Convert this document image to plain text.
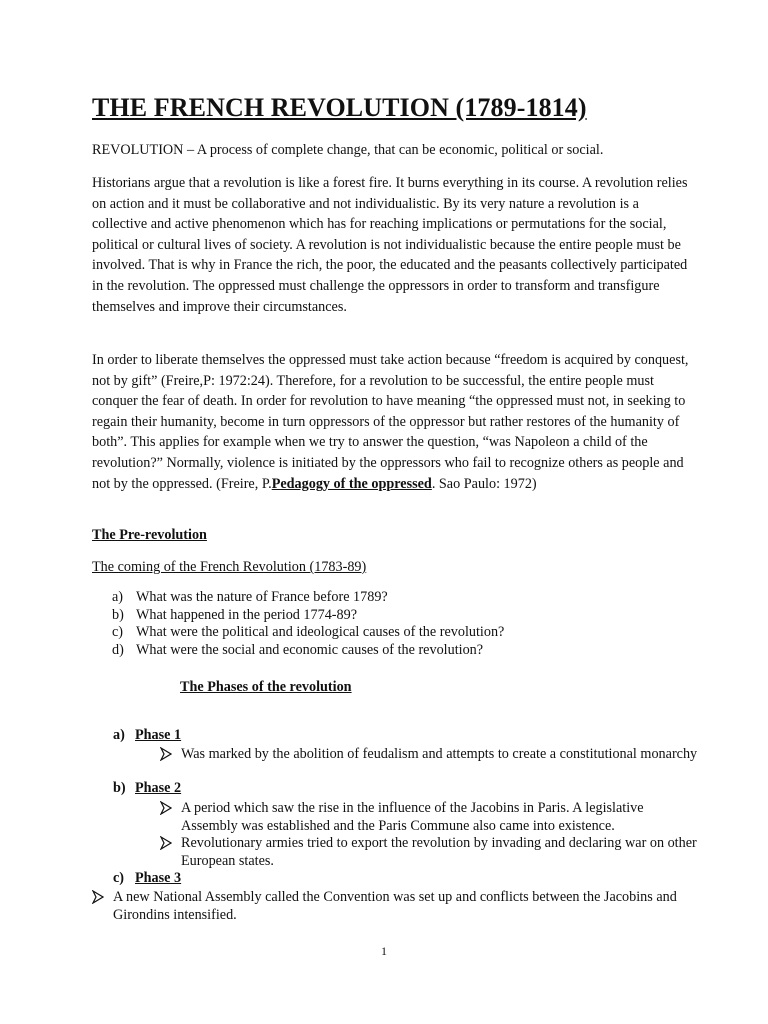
THE FRENCH REVOLUTION (1789-1814)

REVOLUTION – A process of complete change, that can be economic, political or social.

Historians argue that a revolution is like a forest fire. It burns everything in its course. A revolution relies on action and it must be collaborative and not individualistic. By its very nature a revolution is a collective and active phenomenon which has for reaching implications or permutations for the social, political or cultural lives of society. A revolution is not individualistic because the entire people must be involved. That is why in France the rich, the poor, the educated and the peasants collectively participated in the revolution. The oppressed must challenge the oppressors in order to transform and transfigure themselves and improve their circumstances.

In order to liberate themselves the oppressed must take action because “freedom is acquired by conquest, not by gift” (Freire,P: 1972:24). Therefore, for a revolution to be successful, the entire people must conquer the fear of death. In order for revolution to have meaning “the oppressed must not, in seeking to regain their humanity, become in turn oppressors of the oppressor but rather restores of the humanity of both”. This applies for example when we try to answer the question, “was Napoleon a child of the revolution?” Normally, violence is initiated by the oppressors who fail to recognize others as people and not by the oppressed. (Freire, P.Pedagogy of the oppressed. Sao Paulo: 1972)

The Pre-revolution

The coming of the French Revolution (1783-89)

a) What was the nature of France before 1789?
b) What happened in the period 1774-89?
c) What were the political and ideological causes of the revolution?
d) What were the social and economic causes of the revolution?

The Phases of the revolution

a) Phase 1

Was marked by the abolition of feudalism and attempts to create a constitutional monarchy

b) Phase 2

A period which saw the rise in the influence of the Jacobins in Paris. A legislative Assembly was established and the Paris Commune also came into existence.
Revolutionary armies tried to export the revolution by invading and declaring war on other European states.

c) Phase 3

A new National Assembly called the Convention was set up and conflicts between the Jacobins and Girondins intensified.

1
